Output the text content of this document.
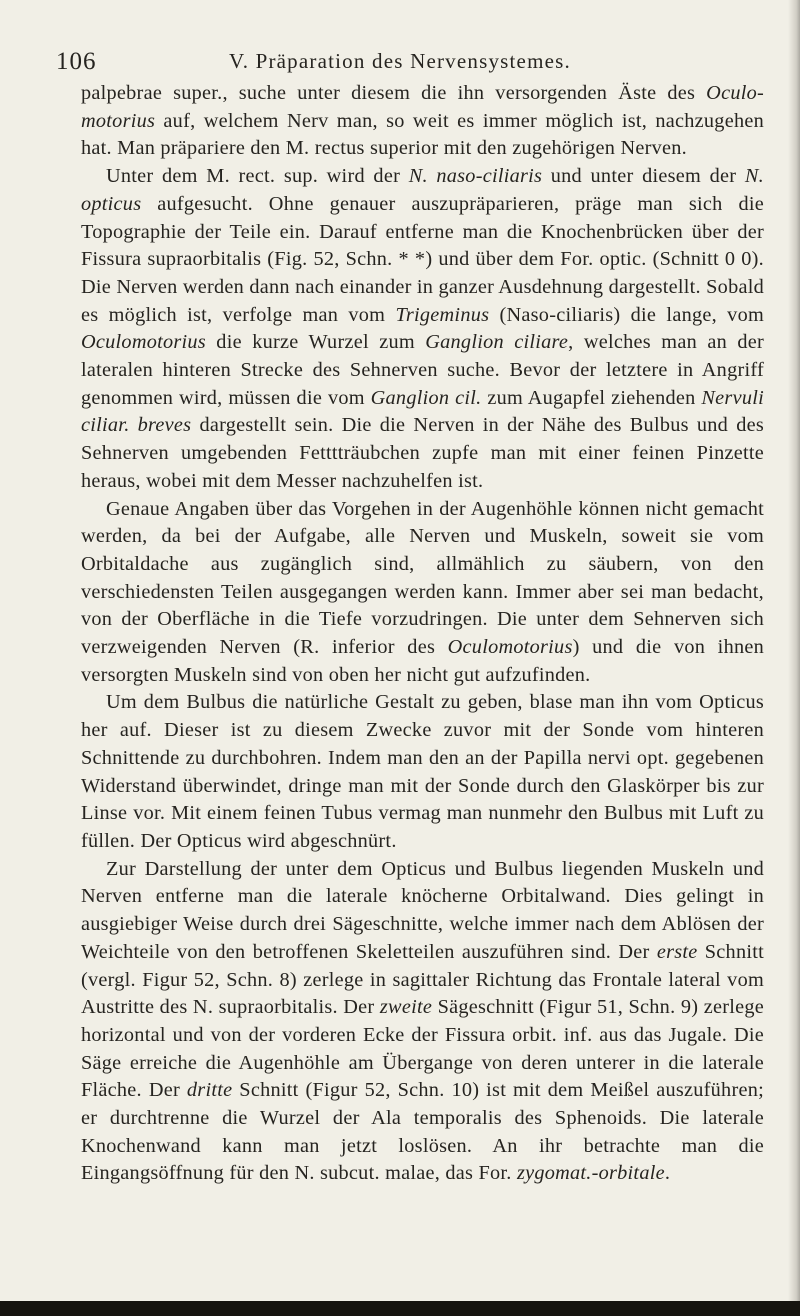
106	V. Präparation des Nervensystemes.

palpebrae super., suche unter diesem die ihn versorgenden Äste des Oculo-motorius auf, welchem Nerv man, so weit es immer möglich ist, nachzugehen hat. Man präpariere den M. rectus superior mit den zugehörigen Nerven.

Unter dem M. rect. sup. wird der N. naso-ciliaris und unter diesem der N. opticus aufgesucht. Ohne genauer auszupräparieren, präge man sich die Topographie der Teile ein. Darauf entferne man die Knochenbrücken über der Fissura supraorbitalis (Fig. 52, Schn. * *) und über dem For. optic. (Schnitt 0 0). Die Nerven werden dann nach einander in ganzer Ausdehnung dargestellt. Sobald es möglich ist, verfolge man vom Trigeminus (Naso-ciliaris) die lange, vom Oculomotorius die kurze Wurzel zum Ganglion ciliare, welches man an der lateralen hinteren Strecke des Sehnerven suche. Bevor der letztere in Angriff genommen wird, müssen die vom Ganglion cil. zum Augapfel ziehenden Nervuli ciliar. breves dargestellt sein. Die die Nerven in der Nähe des Bulbus und des Sehnerven umgebenden Fetttträubchen zupfe man mit einer feinen Pinzette heraus, wobei mit dem Messer nachzuhelfen ist.

Genaue Angaben über das Vorgehen in der Augenhöhle können nicht gemacht werden, da bei der Aufgabe, alle Nerven und Muskeln, soweit sie vom Orbitaldache aus zugänglich sind, allmählich zu säubern, von den verschiedensten Teilen ausgegangen werden kann. Immer aber sei man bedacht, von der Oberfläche in die Tiefe vorzudringen. Die unter dem Sehnerven sich verzweigenden Nerven (R. inferior des Oculomotorius) und die von ihnen versorgten Muskeln sind von oben her nicht gut aufzufinden.

Um dem Bulbus die natürliche Gestalt zu geben, blase man ihn vom Opticus her auf. Dieser ist zu diesem Zwecke zuvor mit der Sonde vom hinteren Schnittende zu durchbohren. Indem man den an der Papilla nervi opt. gegebenen Widerstand überwindet, dringe man mit der Sonde durch den Glaskörper bis zur Linse vor. Mit einem feinen Tubus vermag man nunmehr den Bulbus mit Luft zu füllen. Der Opticus wird abgeschnürt.

Zur Darstellung der unter dem Opticus und Bulbus liegenden Muskeln und Nerven entferne man die laterale knöcherne Orbitalwand. Dies gelingt in ausgiebiger Weise durch drei Sägeschnitte, welche immer nach dem Ablösen der Weichteile von den betroffenen Skeletteilen auszuführen sind. Der erste Schnitt (vergl. Figur 52, Schn. 8) zerlege in sagittaler Richtung das Frontale lateral vom Austritte des N. supraorbitalis. Der zweite Sägeschnitt (Figur 51, Schn. 9) zerlege horizontal und von der vorderen Ecke der Fissura orbit. inf. aus das Jugale. Die Säge erreiche die Augenhöhle am Übergange von deren unterer in die laterale Fläche. Der dritte Schnitt (Figur 52, Schn. 10) ist mit dem Meißel auszuführen; er durchtrenne die Wurzel der Ala temporalis des Sphenoids. Die laterale Knochenwand kann man jetzt loslösen. An ihr betrachte man die Eingangsöffnung für den N. subcut. malae, das For. zygomat.-orbitale.
